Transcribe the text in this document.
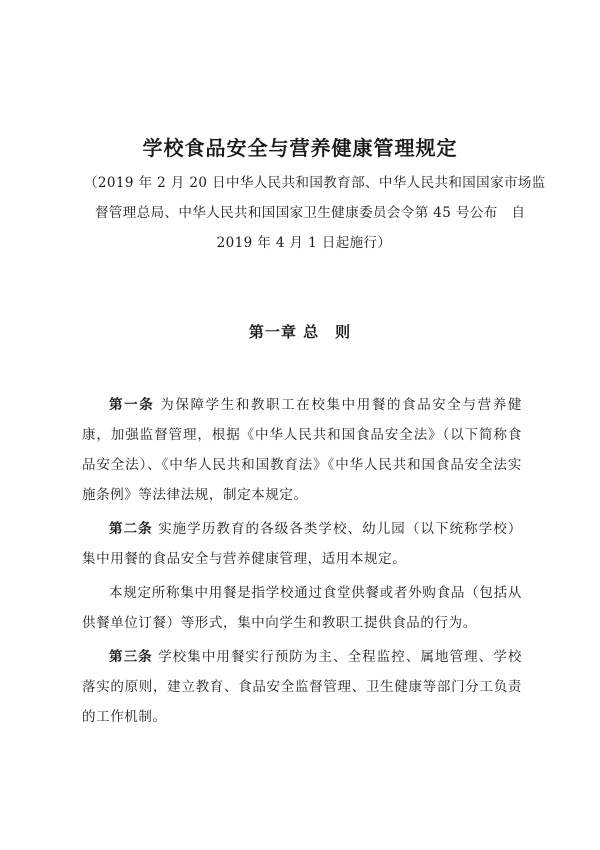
学校食品安全与营养健康管理规定
（2019 年 2 月 20 日中华人民共和国教育部、中华人民共和国国家市场监
督管理总局、中华人民共和国国家卫生健康委员会令第 45 号公布　自
2019 年 4 月 1 日起施行）
第一章 总　则

第一条 为保障学生和教职工在校集中用餐的食品安全与营养健康，加强监督管理，根据《中华人民共和国食品安全法》（以下简称食品安全法）、《中华人民共和国教育法》《中华人民共和国食品安全法实施条例》等法律法规，制定本规定。

第二条 实施学历教育的各级各类学校、幼儿园（以下统称学校）集中用餐的食品安全与营养健康管理，适用本规定。

本规定所称集中用餐是指学校通过食堂供餐或者外购食品（包括从供餐单位订餐）等形式，集中向学生和教职工提供食品的行为。

第三条 学校集中用餐实行预防为主、全程监控、属地管理、学校落实的原则，建立教育、食品安全监督管理、卫生健康等部门分工负责的工作机制。
